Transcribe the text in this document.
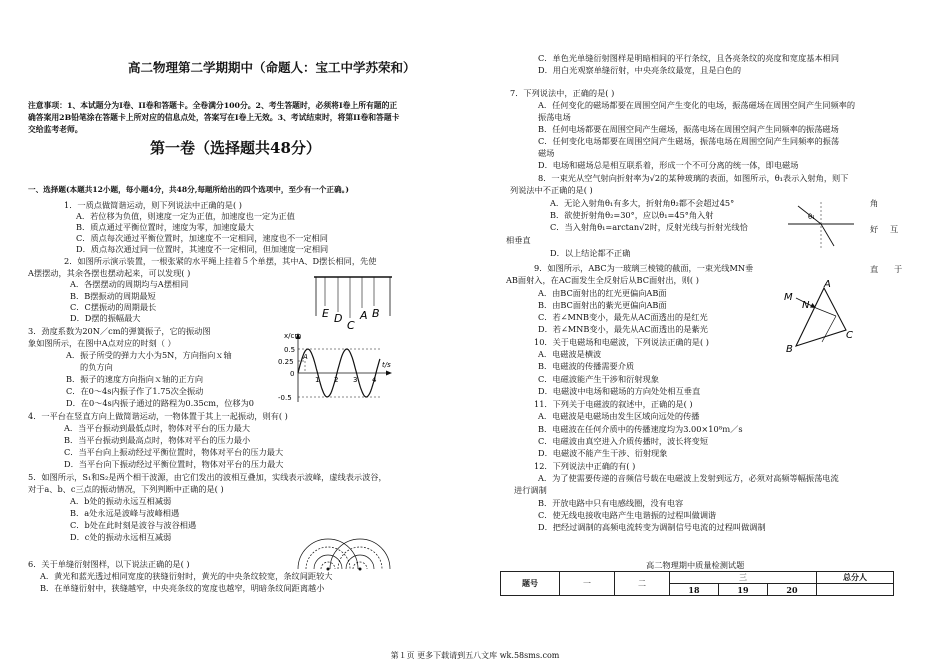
高二物理第二学期期中（命题人：宝工中学苏荣和）
注意事项：1、本试题分为I卷、II卷和答题卡。全卷满分100分。2、考生答题时，必须将I卷上所有题的正
确答案用2B铅笔涂在答题卡上所对应的信息点处，答案写在I卷上无效。3、考试结束时，将第II卷和答题卡
交给监考老师。
第一卷（选择题共48分）
一、选择题(本题共12小题，每小题4分，共48分,每题所给出的四个选项中，至少有一个正确。)
1．一质点做简谐运动，则下列说法中正确的是( )
A．若位移为负值，则速度一定为正值，加速度也一定为正值
B．质点通过平衡位置时，速度为零，加速度最大
C．质点每次通过平衡位置时，加速度不一定相同，速度也不一定相同
D．质点每次通过同一位置时，其速度不一定相同，但加速度一定相同
2．如图所示演示装置，一根张紧的水平绳上挂着５个单摆，其中A、D摆长相同，先使
A摆摆动，其余各摆也摆动起来，可以发现( )
A．各摆摆动的周期均与A摆相同
B．B摆振动的周期最短
C．C摆振动的周期最长
D．D摆的振幅最大
3．劲度系数为20N／cm的弹簧振子，它的振动图
象如图所示，在图中A点对应的时刻（ ）
A．振子所受的弹力大小为5N，方向指向ｘ轴
的负方向
B．振子的速度方向指向ｘ轴的正方向
C．在0～4s内振子作了1.75次全振动
D．在0～4s内振子通过的路程为0.35cm，位移为0
4．一平台在竖直方向上做简谐运动，一物体置于其上一起振动，则有( )
A．当平台振动到最低点时，物体对平台的压力最大
B．当平台振动到最高点时，物体对平台的压力最小
C．当平台向上振动经过平衡位置时，物体对平台的压力最大
D．当平台向下振动经过平衡位置时，物体对平台的压力最大
5．如图所示，S₁和S₂是两个相干波源，由它们发出的波相互叠加，实线表示波峰，虚线表示波谷，
对于a、b、c三点的振动情况，下列判断中正确的是( )
A．b处的振动永远互相减弱
B．a处永远是波峰与波峰相遇
C．b处在此时刻是波谷与波谷相遇
D．c处的振动永远相互减弱
6．关于单缝衍射图样，以下说法正确的是( )
A．黄光和蓝光透过相同宽度的狭缝衍射时，黄光的中央条纹较宽，条纹间距较大
B．在单缝衍射中，狭缝越窄，中央亮条纹的宽度也越窄，明暗条纹间距离越小
E D
C
A B
x/cm
t/s
0.5
0.25
0
-0.5
1 2 3 4
A
C．单色光单缝衍射图样是明暗相间的平行条纹，且各亮条纹的亮度和宽度基本相同
D．用白光观察单缝衍射，中央亮条纹最宽，且是白色的
7．下列说法中，正确的是( )
A．任何变化的磁场都要在周围空间产生变化的电场，振荡磁场在周围空间产生同频率的
振荡电场
B．任何电场都要在周围空间产生磁场，振荡电场在周围空间产生同频率的振荡磁场
C．任何变化电场都要在周围空间产生磁场，振荡电场在周围空间产生同频率的振荡
磁场
D．电场和磁场总是相互联系着，形成一个不可分离的统一体，即电磁场
8．一束光从空气射向折射率为√2的某种玻璃的表面，如图所示，θ₁表示入射角，则下
列说法中不正确的是( )
A．无论入射角θ₁有多大，折射角θ₂都不会超过45°
B．欲使折射角θ₂=30°，应以θ₁=45°角入射
C．当入射角θ₁=arctan√2时，反射光线与折射光线恰
相垂直
D．以上结论都不正确
9．如图所示，ABC为一玻璃三棱镜的截面，一束光线MN垂
AB面射入，在AC面发生全反射后从BC面射出，则( )
A．由BC面射出的红光更偏向AB面
B．由BC面射出的紫光更偏向AB面
C．若∠MNB变小，最先从AC面透出的是红光
D．若∠MNB变小，最先从AC面透出的是紫光
10．关于电磁场和电磁波，下列说法正确的是( )
A．电磁波是横波
B．电磁波的传播需要介质
C．电磁波能产生干涉和衍射现象
D．电磁波中电场和磁场的方向处处相互垂直
11．下列关于电磁波的叙述中，正确的是( )
A．电磁波是电磁场由发生区域向远处的传播
B．电磁波在任何介质中的传播速度均为3.00×10⁸ｍ／s
C．电磁波由真空进入介质传播时，波长将变短
D．电磁波不能产生干涉、衍射现象
12．下列说法中正确的有( )
A．为了使需要传递的音频信号载在电磁波上发射到远方，必须对高频等幅振荡电流
进行调制
B．开放电路中只有电感线圈，没有电容
C．使无线电接收电路产生电谐振的过程叫做调谐
D．把经过调制的高频电流转变为调制信号电流的过程叫做调制
角
好 互
直 于
θ₁
M
N
A
B
C
高二物理期中质量检测试题
题号	一	二	三			总分人
			18	19	20	
第１页 更多下载请到五八文库 wk.58sms.com
